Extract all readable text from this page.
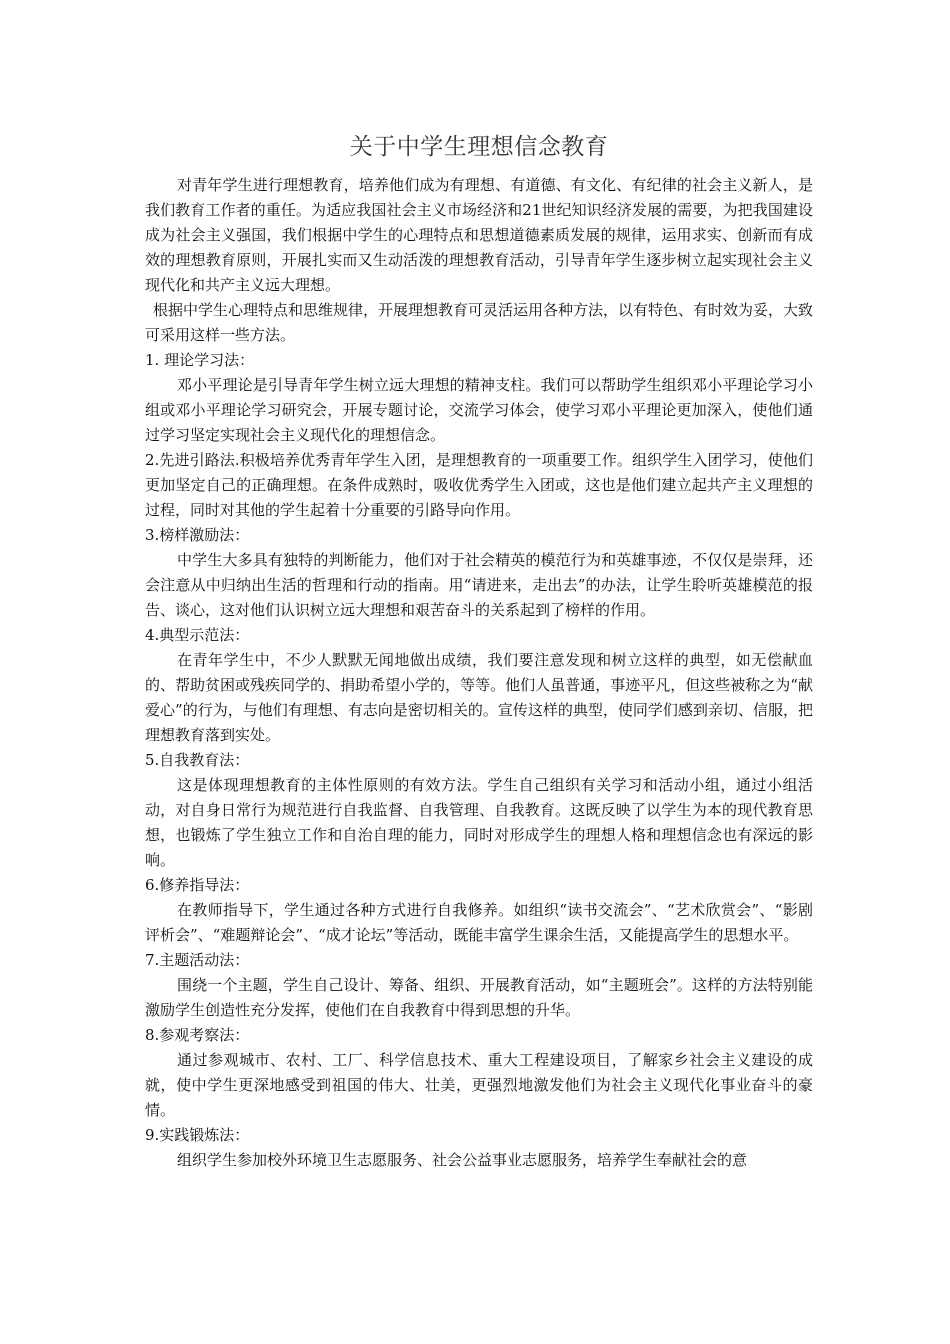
关于中学生理想信念教育

对青年学生进行理想教育，培养他们成为有理想、有道德、有文化、有纪律的社会主义新人，是我们教育工作者的重任。为适应我国社会主义市场经济和21世纪知识经济发展的需要，为把我国建设成为社会主义强国，我们根据中学生的心理特点和思想道德素质发展的规律，运用求实、创新而有成效的理想教育原则，开展扎实而又生动活泼的理想教育活动，引导青年学生逐步树立起实现社会主义现代化和共产主义远大理想。

根据中学生心理特点和思维规律，开展理想教育可灵活运用各种方法，以有特色、有时效为妥，大致可采用这样一些方法。

1. 理论学习法：

邓小平理论是引导青年学生树立远大理想的精神支柱。我们可以帮助学生组织邓小平理论学习小组或邓小平理论学习研究会，开展专题讨论，交流学习体会，使学习邓小平理论更加深入，使他们通过学习坚定实现社会主义现代化的理想信念。

2.先进引路法.积极培养优秀青年学生入团，是理想教育的一项重要工作。组织学生入团学习，使他们更加坚定自己的正确理想。在条件成熟时，吸收优秀学生入团或，这也是他们建立起共产主义理想的过程，同时对其他的学生起着十分重要的引路导向作用。

3.榜样激励法：

中学生大多具有独特的判断能力，他们对于社会精英的模范行为和英雄事迹，不仅仅是崇拜，还会注意从中归纳出生活的哲理和行动的指南。用“请进来，走出去”的办法，让学生聆听英雄模范的报告、谈心，这对他们认识树立远大理想和艰苦奋斗的关系起到了榜样的作用。

4.典型示范法：

在青年学生中，不少人默默无闻地做出成绩，我们要注意发现和树立这样的典型，如无偿献血的、帮助贫困或残疾同学的、捐助希望小学的，等等。他们人虽普通，事迹平凡，但这些被称之为“献爱心”的行为，与他们有理想、有志向是密切相关的。宣传这样的典型，使同学们感到亲切、信服，把理想教育落到实处。

5.自我教育法：

这是体现理想教育的主体性原则的有效方法。学生自己组织有关学习和活动小组，通过小组活动，对自身日常行为规范进行自我监督、自我管理、自我教育。这既反映了以学生为本的现代教育思想，也锻炼了学生独立工作和自治自理的能力，同时对形成学生的理想人格和理想信念也有深远的影响。

6.修养指导法：

在教师指导下，学生通过各种方式进行自我修养。如组织“读书交流会”、“艺术欣赏会”、“影剧评析会”、“难题辩论会”、“成才论坛”等活动，既能丰富学生课余生活，又能提高学生的思想水平。

7.主题活动法：

围绕一个主题，学生自己设计、筹备、组织、开展教育活动，如“主题班会”。这样的方法特别能激励学生创造性充分发挥，使他们在自我教育中得到思想的升华。

8.参观考察法：

通过参观城市、农村、工厂、科学信息技术、重大工程建设项目，了解家乡社会主义建设的成就，使中学生更深地感受到祖国的伟大、壮美，更强烈地激发他们为社会主义现代化事业奋斗的豪情。

9.实践锻炼法：

组织学生参加校外环境卫生志愿服务、社会公益事业志愿服务，培养学生奉献社会的意
